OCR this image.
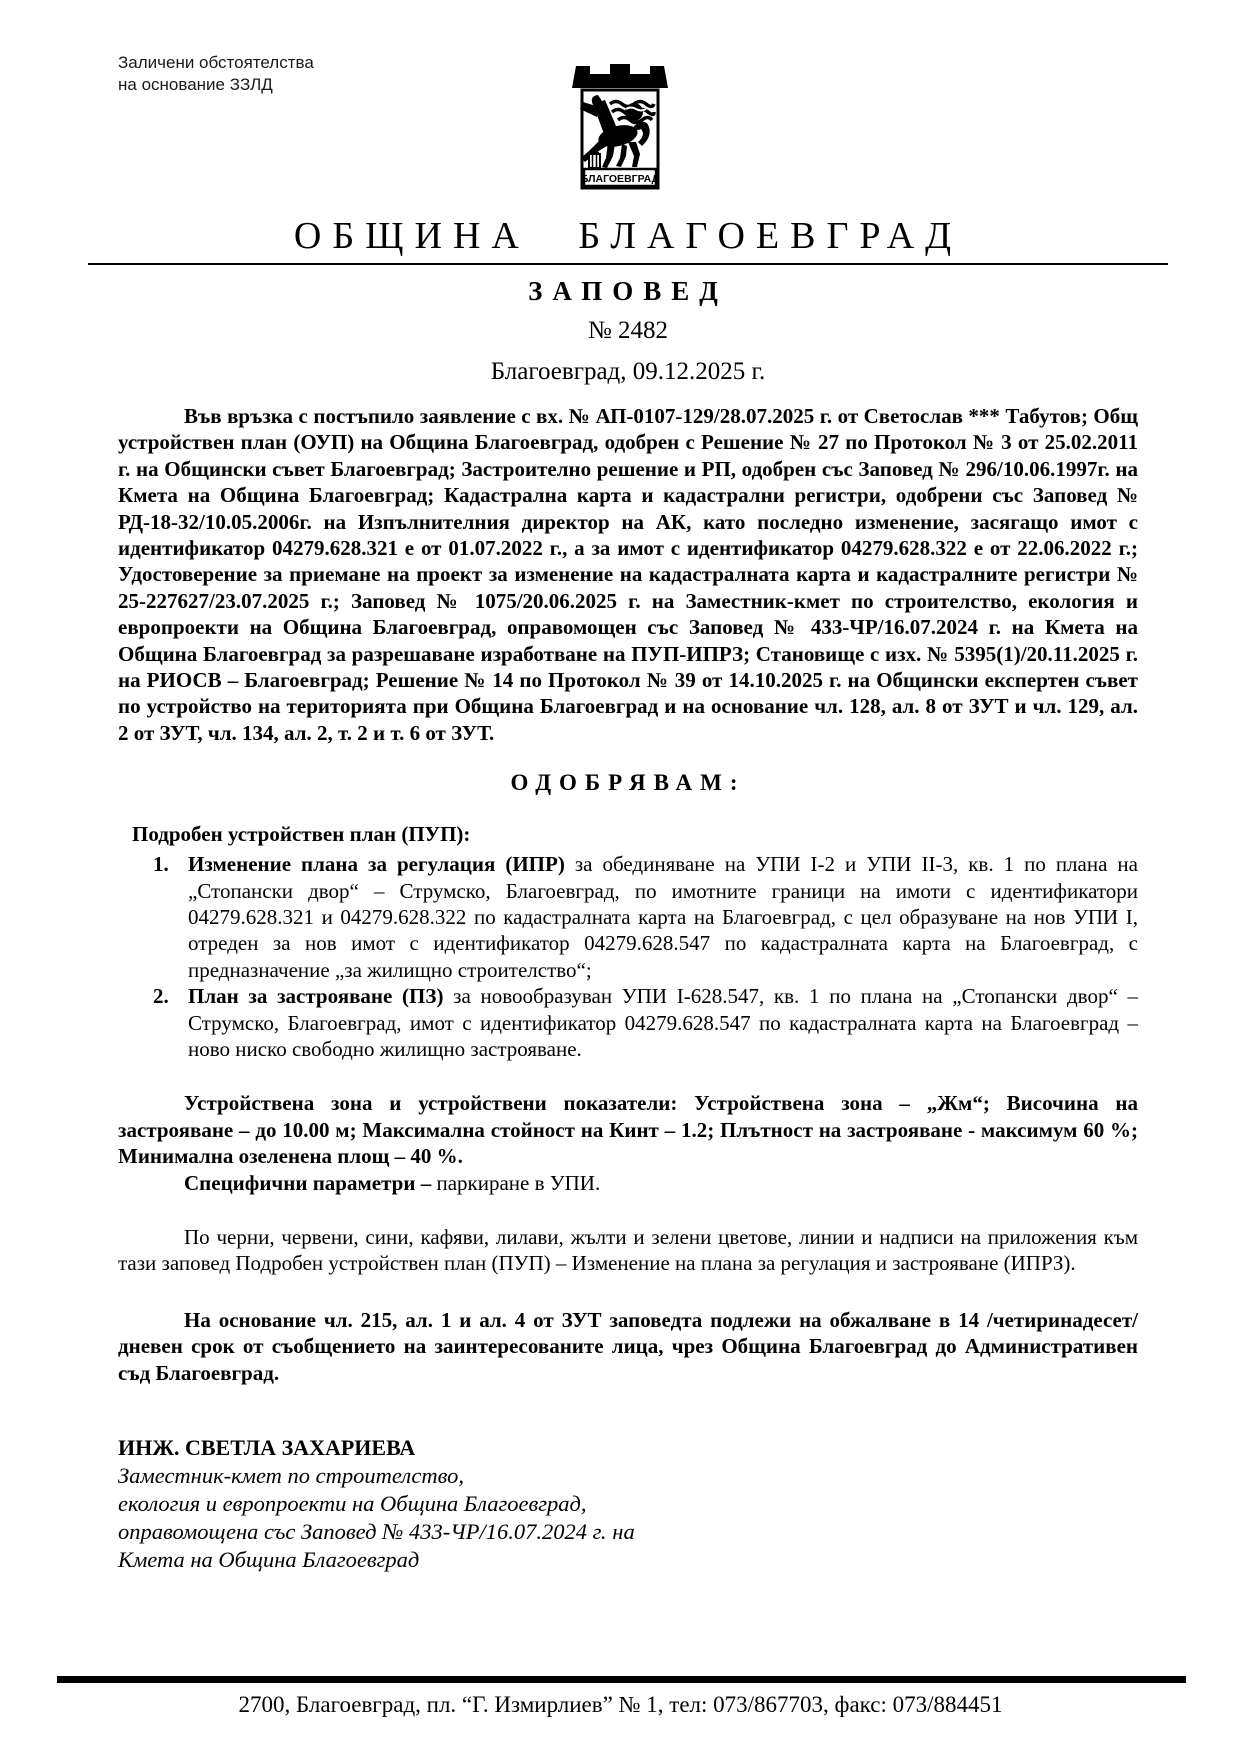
Заличени обстоятелства
на основание ЗЗЛД
БЛАГОЕВГРАД
ОБЩИНА БЛАГОЕВГРАД
ЗАПОВЕД
№ 2482
Благоевград, 09.12.2025 г.

Във връзка с постъпило заявление с вх. № АП-0107-129/28.07.2025 г. от Светослав *** Табутов; Общ устройствен план (ОУП) на Община Благоевград, одобрен с Решение № 27 по Протокол № 3 от 25.02.2011 г. на Общински съвет Благоевград; Застроително решение и РП, одобрен със Заповед № 296/10.06.1997г. на Кмета на Община Благоевград; Кадастрална карта и кадастрални регистри, одобрени със Заповед № РД-18-32/10.05.2006г. на Изпълнителния директор на АК, като последно изменение, засягащо имот с идентификатор 04279.628.321 е от 01.07.2022 г., а за имот с идентификатор 04279.628.322 е от 22.06.2022 г.; Удостоверение за приемане на проект за изменение на кадастралната карта и кадастралните регистри № 25-227627/23.07.2025 г.; Заповед № 1075/20.06.2025 г. на Заместник-кмет по строителство, екология и европроекти на Община Благоевград, оправомощен със Заповед № 433-ЧР/16.07.2024 г. на Кмета на Община Благоевград за разрешаване изработване на ПУП-ИПРЗ; Становище с изх. № 5395(1)/20.11.2025 г. на РИОСВ – Благоевград; Решение № 14 по Протокол № 39 от 14.10.2025 г. на Общински експертен съвет по устройство на територията при Община Благоевград и на основание чл. 128, ал. 8 от ЗУТ и чл. 129, ал. 2 от ЗУТ, чл. 134, ал. 2, т. 2 и т. 6 от ЗУТ.

ОДОБРЯВАМ:
Подробен устройствен план (ПУП):
1. Изменение плана за регулация (ИПР) за обединяване на УПИ I-2 и УПИ II-3, кв. 1 по плана на „Стопански двор“ – Струмско, Благоевград, по имотните граници на имоти с идентификатори 04279.628.321 и 04279.628.322 по кадастралната карта на Благоевград, с цел образуване на нов УПИ I, отреден за нов имот с идентификатор 04279.628.547 по кадастралната карта на Благоевград, с предназначение „за жилищно строителство“;
2. План за застрояване (ПЗ) за новообразуван УПИ I-628.547, кв. 1 по плана на „Стопански двор“ – Струмско, Благоевград, имот с идентификатор 04279.628.547 по кадастралната карта на Благоевград – ново ниско свободно жилищно застрояване.

Устройствена зона и устройствени показатели: Устройствена зона – „Жм“; Височина на застрояване – до 10.00 м; Максимална стойност на Кинт – 1.2; Плътност на застрояване - максимум 60 %; Минимална озеленена площ – 40 %.

Специфични параметри – паркиране в УПИ.

По черни, червени, сини, кафяви, лилави, жълти и зелени цветове, линии и надписи на приложения към тази заповед Подробен устройствен план (ПУП) – Изменение на плана за регулация и застрояване (ИПРЗ).

На основание чл. 215, ал. 1 и ал. 4 от ЗУТ заповедта подлежи на обжалване в 14 /четиринадесет/ дневен срок от съобщението на заинтересованите лица, чрез Община Благоевград до Административен съд Благоевград.

ИНЖ. СВЕТЛА ЗАХАРИЕВА
Заместник-кмет по строителство,
екология и европроекти на Община Благоевград,
оправомощена със Заповед № 433-ЧР/16.07.2024 г. на
Кмета на Община Благоевград
2700, Благоевград, пл. “Г. Измирлиев” № 1, тел: 073/867703, факс: 073/884451
